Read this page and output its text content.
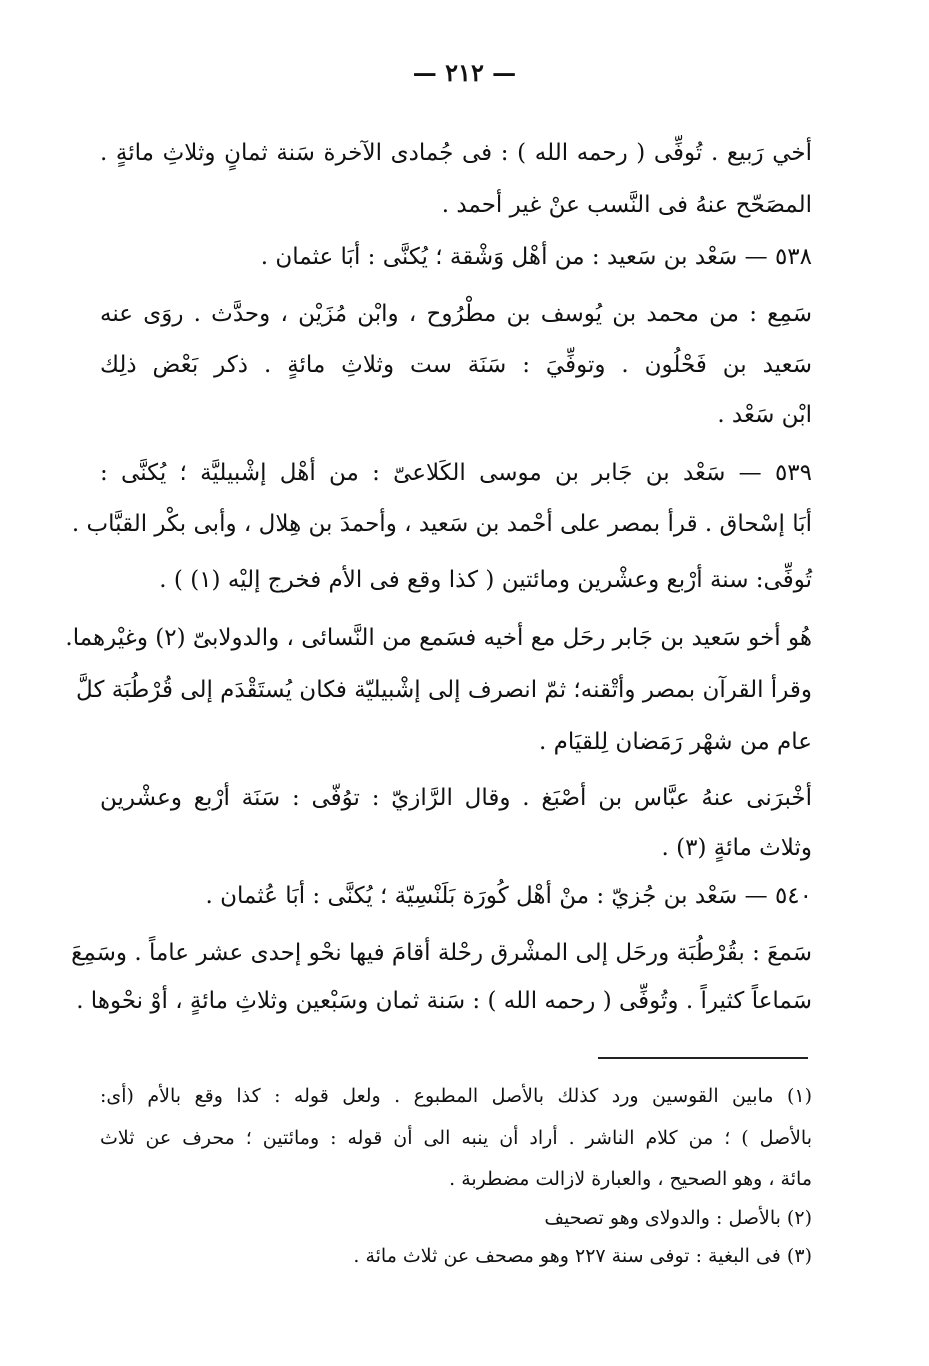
— ٢١٢ —
أخي رَبيع . تُوفِّى ( رحمه الله ) : فى جُمادى الآخرة سَنة ثمانٍ وثلاثِ مائةٍ .
المصَحّح عنهُ فى النَّسب عنْ غير أحمد .
٥٣٨ — سَعْد بن سَعيد : من أهْل وَشْقة ؛ يُكنَّى : أبَا عثمان .
سَمِع : من محمد بن يُوسف بن مطْرُوح ، وابْن مُزَيْن ، وحدَّث . روَى عنه
سَعيد بن فَحْلُون . وتوفِّيَ : سَنَة ست وثلاثِ مائةٍ . ذكر بَعْض ذلِك
ابْن سَعْد .
٥٣٩ — سَعْد بن جَابر بن موسى الكَلاعىّ : من أهْل إشْبيليَّة ؛ يُكنَّى :
أبَا إسْحاق . قرأ بمصر على أحْمد بن سَعيد ، وأحمدَ بن هِلال ، وأبى بكْر القبَّاب .
تُوفِّى: سنة أرْبع وعشْرين ومائتين ( كذا وقع فى الأم فخرج إليْه (١) ) .
هُو أخو سَعيد بن جَابر رحَل مع أخيه فسَمع من النَّسائى ، والدولابىّ (٢) وغيْرهما.
وقرأ القرآن بمصر وأتْقنه؛ ثمّ انصرف إلى إشْبيليّة فكان يُستَقْدَم إلى قُرْطُبَة كلَّ
عام من شهْر رَمَضان لِلقيَام .
أخْبرَنى عنهُ عبَّاس بن أصْبَغ . وقال الرَّازيّ : توُفّى : سَنَة أرْبع وعشْرين
وثلاث مائةٍ (٣) .
٥٤٠ — سَعْد بن جُزيّ : منْ أهْل كُورَة بَلَنْسِيّة ؛ يُكنَّى : أبَا عُثمان .
سَمعَ : بقُرْطُبَة ورحَل إلى المشْرق رحْلة أقامَ فيها نحْو إحدى عشر عاماً . وسَمِعَ
سَماعاً كثيراً . وتُوفِّى ( رحمه الله ) : سَنة ثمان وسَبْعين وثلاثِ مائةٍ ، أوْ نحْوها .
(١) مابين القوسين ورد كذلك بالأصل المطبوع . ولعل قوله : كذا وقع بالأم (أى:
بالأصل ) ؛ من كلام الناشر . أراد أن ينبه الى أن قوله : ومائتين ؛ محرف عن ثلاث
مائة ، وهو الصحيح ، والعبارة لازالت مضطربة .
(٢) بالأصل : والدولاى وهو تصحيف
(٣) فى البغية : توفى سنة ٢٢٧ وهو مصحف عن ثلاث مائة .
